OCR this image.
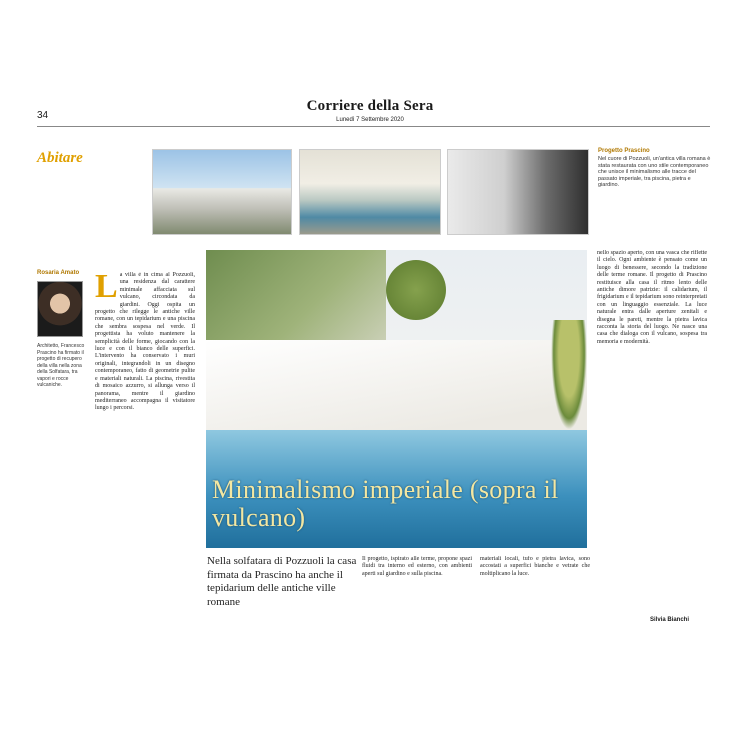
34
Corriere della Sera
Lunedì 7 Settembre 2020
Abitare	Progetto Prascino
Nel cuore di Pozzuoli, un'antica villa romana è stata restaurata con uno stile contemporaneo che unisce il minimalismo alle tracce del passato imperiale, tra piscina, pietra e giardino.
Rosaria Amato
Architetto, Francesco Prascino ha firmato il progetto di recupero della villa nella zona della Solfatara, tra vapori e rocce vulcaniche.
L a villa è in cima al Pozzuoli, una residenza dal carattere minimale affacciata sul vulcano, circondata da giardini. Oggi ospita un progetto che rilegge le antiche ville romane, con un tepidarium e una piscina che sembra sospesa nel verde. Il progettista ha voluto mantenere la semplicità delle forme, giocando con la luce e con il bianco delle superfici. L'intervento ha conservato i muri originali, integrandoli in un disegno contemporaneo, fatto di geometrie pulite e materiali naturali. La piscina, rivestita di mosaico azzurro, si allunga verso il panorama, mentre il giardino mediterraneo accompagna il visitatore lungo i percorsi.
Minimalismo imperiale (sopra il vulcano)
nello spazio aperto, con una vasca che riflette il cielo. Ogni ambiente è pensato come un luogo di benessere, secondo la tradizione delle terme romane. Il progetto di Prascino restituisce alla casa il ritmo lento delle antiche dimore patrizie: il calidarium, il frigidarium e il tepidarium sono reinterpretati con un linguaggio essenziale. La luce naturale entra dalle aperture zenitali e disegna le pareti, mentre la pietra lavica racconta la storia del luogo. Ne nasce una casa che dialoga con il vulcano, sospesa tra memoria e modernità.
Nella solfatara di Pozzuoli la casa firmata da Prascino ha anche il tepidarium delle antiche ville romane
Il progetto, ispirato alle terme, propone spazi fluidi tra interno ed esterno, con ambienti aperti sul giardino e sulla piscina.
materiali locali, tufo e pietra lavica, sono accostati a superfici bianche e vetrate che moltiplicano la luce.
Silvia Bianchi
